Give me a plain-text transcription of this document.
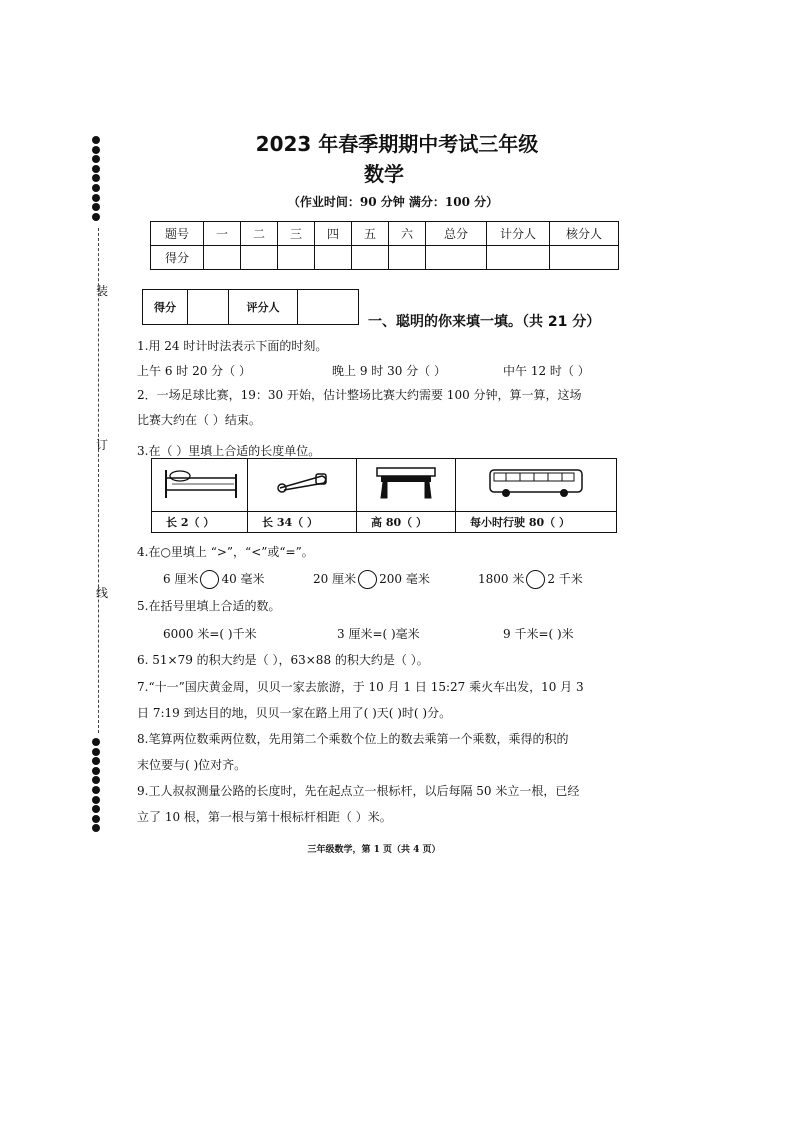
装
订
线
2023 年春季期期中考试三年级
数学
（作业时间：90 分钟 满分：100 分）
题号	一	二	三	四	五	六	总分	计分人	核分人
得分									
得分		评分人	
一、聪明的你来填一填。（共 21 分）
1.用 24 时计时法表示下面的时刻。
上午 6 时 20 分（ ）	晚上 9 时 30 分（ ）	中午 12 时（ ）
2．一场足球比赛，19：30 开始，估计整场比赛大约需要 100 分钟，算一算，这场
比赛大约在（ ）结束。
3.在（ ）里填上合适的长度单位。

长 2（ ）	长 34（ ）	高 80（ ）	每小时行驶 80（ ）
4.在○里填上 “>”，“<”或“=”。
6 厘米 40 毫米	20 厘米 200 毫米	1800 米 2 千米
5.在括号里填上合适的数。
6000 米=( )千米	3 厘米=( )毫米	9 千米=( )米
6. 51×79 的积大约是（ ），63×88 的积大约是（ ）。
7.“十一”国庆黄金周，贝贝一家去旅游，于 10 月 1 日 15:27 乘火车出发，10 月 3
日 7:19 到达目的地，贝贝一家在路上用了( )天( )时( )分。
8.笔算两位数乘两位数，先用第二个乘数个位上的数去乘第一个乘数，乘得的积的
末位要与( )位对齐。
9.工人叔叔测量公路的长度时，先在起点立一根标杆，以后每隔 50 米立一根，已经
立了 10 根，第一根与第十根标杆相距（ ）米。
三年级数学，第 1 页（共 4 页）
